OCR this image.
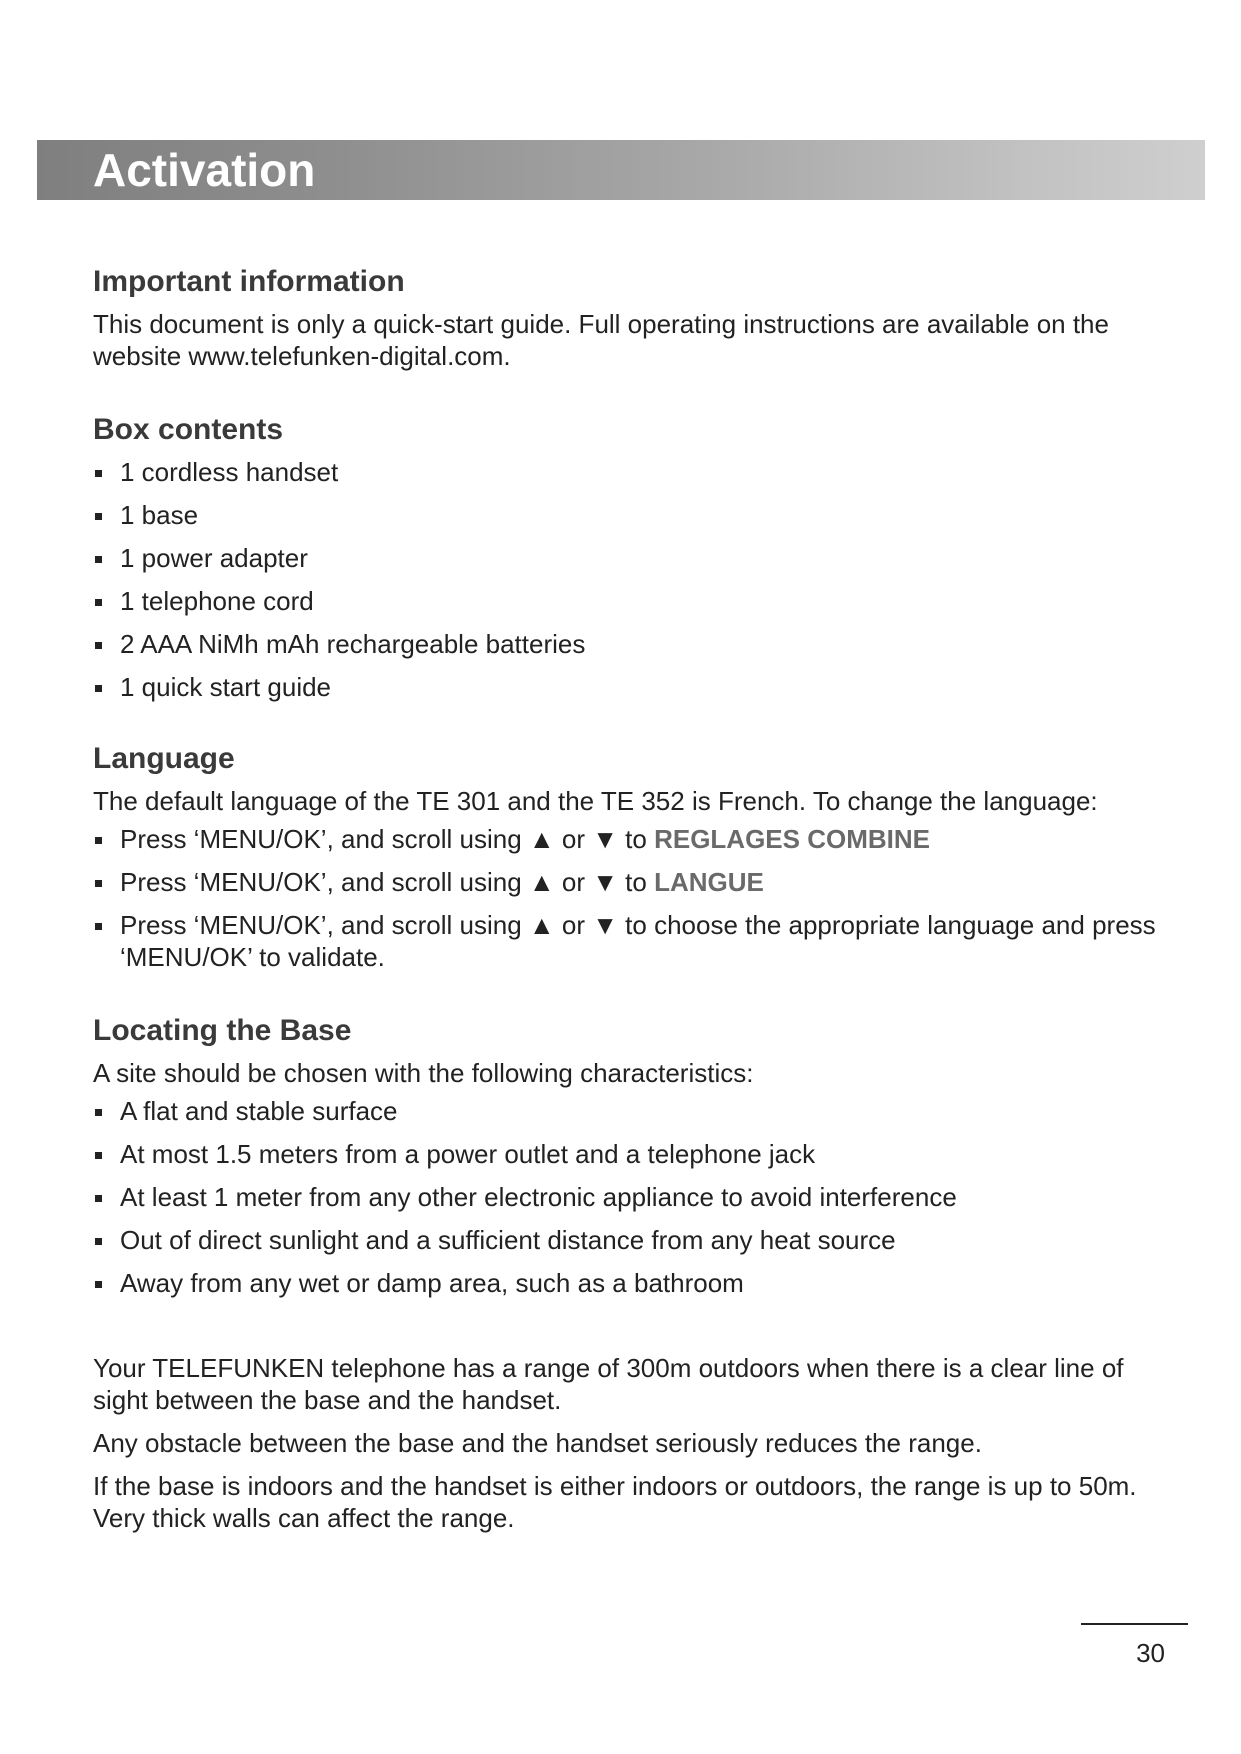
Activation
Important information

This document is only a quick-start guide. Full operating instructions are available on the website www.telefunken-digital.com.

Box contents
1 cordless handset
1 base
1 power adapter
1 telephone cord
2 AAA NiMh mAh rechargeable batteries
1 quick start guide
Language

The default language of the TE 301 and the TE 352 is French. To change the language:

Press ‘MENU/OK’, and scroll using ▲ or ▼ to REGLAGES COMBINE
Press ‘MENU/OK’, and scroll using ▲ or ▼ to LANGUE
Press ‘MENU/OK’, and scroll using ▲ or ▼ to choose the appropriate language and press ‘MENU/OK’ to validate.
Locating the Base

A site should be chosen with the following characteristics:

A flat and stable surface
At most 1.5 meters from a power outlet and a telephone jack
At least 1 meter from any other electronic appliance to avoid interference
Out of direct sunlight and a sufficient distance from any heat source
Away from any wet or damp area, such as a bathroom

Your TELEFUNKEN telephone has a range of 300m outdoors when there is a clear line of sight between the base and the handset.

Any obstacle between the base and the handset seriously reduces the range.

If the base is indoors and the handset is either indoors or outdoors, the range is up to 50m. Very thick walls can affect the range.

30
